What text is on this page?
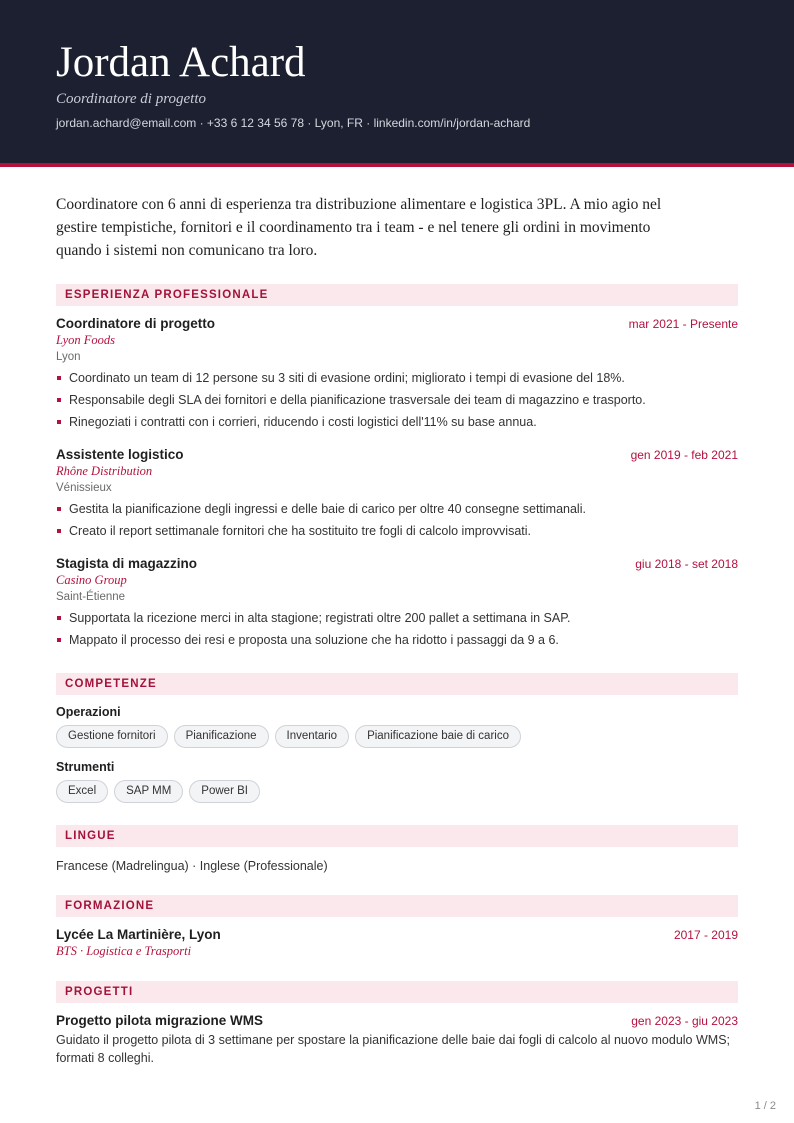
Jordan Achard
Coordinatore di progetto
jordan.achard@email.com · +33 6 12 34 56 78 · Lyon, FR · linkedin.com/in/jordan-achard

Coordinatore con 6 anni di esperienza tra distribuzione alimentare e logistica 3PL. A mio agio nel gestire tempistiche, fornitori e il coordinamento tra i team - e nel tenere gli ordini in movimento quando i sistemi non comunicano tra loro.

ESPERIENZA PROFESSIONALE
Coordinatore di progetto	mar 2021 - Presente
Lyon Foods
Lyon
Coordinato un team di 12 persone su 3 siti di evasione ordini; migliorato i tempi di evasione del 18%.
Responsabile degli SLA dei fornitori e della pianificazione trasversale dei team di magazzino e trasporto.
Rinegoziati i contratti con i corrieri, riducendo i costi logistici dell'11% su base annua.
Assistente logistico	gen 2019 - feb 2021
Rhône Distribution
Vénissieux
Gestita la pianificazione degli ingressi e delle baie di carico per oltre 40 consegne settimanali.
Creato il report settimanale fornitori che ha sostituito tre fogli di calcolo improvvisati.
Stagista di magazzino	giu 2018 - set 2018
Casino Group
Saint-Étienne
Supportata la ricezione merci in alta stagione; registrati oltre 200 pallet a settimana in SAP.
Mappato il processo dei resi e proposta una soluzione che ha ridotto i passaggi da 9 a 6.
COMPETENZE
Operazioni
Gestione fornitori	Pianificazione	Inventario	Pianificazione baie di carico
Strumenti
Excel	SAP MM	Power BI
LINGUE
Francese (Madrelingua) · Inglese (Professionale)
FORMAZIONE
Lycée La Martinière, Lyon	2017 - 2019
BTS · Logistica e Trasporti
PROGETTI
Progetto pilota migrazione WMS	gen 2023 - giu 2023
Guidato il progetto pilota di 3 settimane per spostare la pianificazione delle baie dai fogli di calcolo al nuovo modulo WMS; formati 8 colleghi.
1 / 2
